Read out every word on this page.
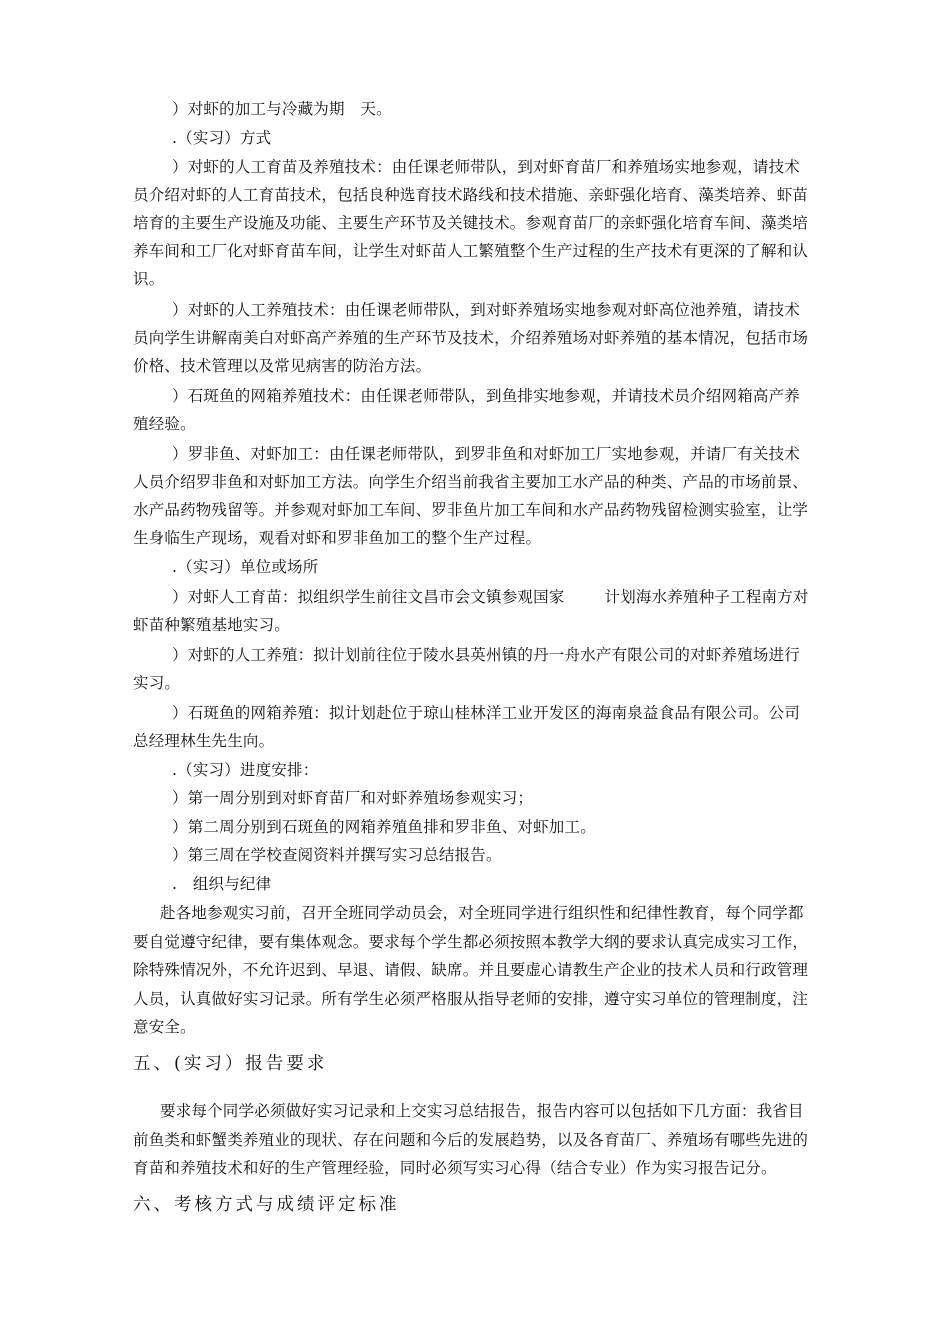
）对虾的加工与冷藏为期　天。
.（实习）方式
）对虾的人工育苗及养殖技术：由任课老师带队，到对虾育苗厂和养殖场实地参观，请技术
员介绍对虾的人工育苗技术，包括良种选育技术路线和技术措施、亲虾强化培育、藻类培养、虾苗
培育的主要生产设施及功能、主要生产环节及关键技术。参观育苗厂的亲虾强化培育车间、藻类培
养车间和工厂化对虾育苗车间，让学生对虾苗人工繁殖整个生产过程的生产技术有更深的了解和认
识。
）对虾的人工养殖技术：由任课老师带队，到对虾养殖场实地参观对虾高位池养殖，请技术
员向学生讲解南美白对虾高产养殖的生产环节及技术，介绍养殖场对虾养殖的基本情况，包括市场
价格、技术管理以及常见病害的防治方法。
）石斑鱼的网箱养殖技术：由任课老师带队，到鱼排实地参观，并请技术员介绍网箱高产养
殖经验。
）罗非鱼、对虾加工：由任课老师带队，到罗非鱼和对虾加工厂实地参观，并请厂有关技术
人员介绍罗非鱼和对虾加工方法。向学生介绍当前我省主要加工水产品的种类、产品的市场前景、
水产品药物残留等。并参观对虾加工车间、罗非鱼片加工车间和水产品药物残留检测实验室，让学
生身临生产现场，观看对虾和罗非鱼加工的整个生产过程。
.（实习）单位或场所
）对虾人工育苗：拟组织学生前往文昌市会文镇参观国家	计划海水养殖种子工程南方对
虾苗种繁殖基地实习。
）对虾的人工养殖：拟计划前往位于陵水县英州镇的丹一舟水产有限公司的对虾养殖场进行
实习。
）石斑鱼的网箱养殖：拟计划赴位于琼山桂林洋工业开发区的海南泉益食品有限公司。公司
总经理林生先生向。
.（实习）进度安排：
）第一周分别到对虾育苗厂和对虾养殖场参观实习；
）第二周分别到石斑鱼的网箱养殖鱼排和罗非鱼、对虾加工。
）第三周在学校查阅资料并撰写实习总结报告。
.　组织与纪律
赴各地参观实习前，召开全班同学动员会，对全班同学进行组织性和纪律性教育，每个同学都
要自觉遵守纪律，要有集体观念。要求每个学生都必须按照本教学大纲的要求认真完成实习工作，
除特殊情况外，不允许迟到、早退、请假、缺席。并且要虚心请教生产企业的技术人员和行政管理
人员，认真做好实习记录。所有学生必须严格服从指导老师的安排，遵守实习单位的管理制度，注
意安全。
五、(实习）报告要求
要求每个同学必须做好实习记录和上交实习总结报告，报告内容可以包括如下几方面：我省目
前鱼类和虾蟹类养殖业的现状、存在问题和今后的发展趋势，以及各育苗厂、养殖场有哪些先进的
育苗和养殖技术和好的生产管理经验，同时必须写实习心得（结合专业）作为实习报告记分。
六、考核方式与成绩评定标准
